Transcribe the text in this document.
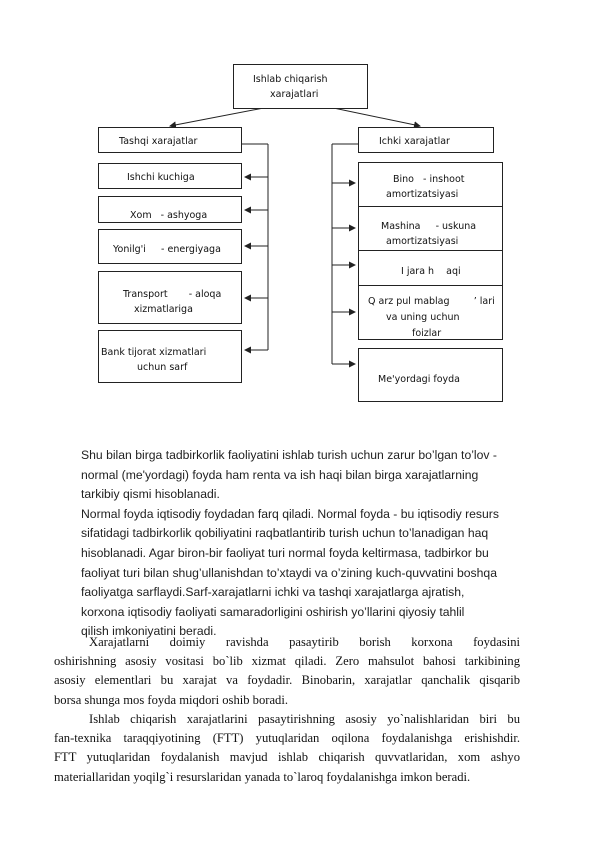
Ishlab chiqarish
xarajatlari
Tashqi xarajatlar	Ichki xarajatlar
Ishchi kuchiga
Xom   - ashyoga
Yonilg'i     - energiyaga
Transport       - aloqa
xizmatlariga
Bank tijorat xizmatlari
uchun sarf
Bino   - inshoot
amortizatsiyasi
Mashina     - uskuna
amortizatsiyasi
I jara h    aqi
Q arz pul mablag        ’ lari
va uning uchun
foizlar
Me'yordagi foyda
Shu bilan birga tadbirkorlik faoliyatini ishlab turish uchun zarur bo’lgan to’lov -
normal (me'yordagi) foyda ham renta va ish haqi bilan birga xarajatlarning
tarkibiy qismi hisoblanadi.
Normal foyda iqtisodiy foydadan farq qiladi. Normal foyda - bu iqtisodiy resurs
sifatidagi tadbirkorlik qobiliyatini raqbatlantirib turish uchun to’lanadigan haq
hisoblanadi. Agar biron-bir faoliyat turi normal foyda keltirmasa, tadbirkor bu
faoliyat turi bilan shug’ullanishdan to’xtaydi va o’zining kuch-quvvatini boshqa
faoliyatga sarflaydi.Sarf-xarajatlarni ichki va tashqi xarajatlarga ajratish,
korxona iqtisodiy faoliyati samaradorligini oshirish yo’llarini qiyosiy tahlil
qilish imkoniyatini beradi.
Xarajatlarni doimiy ravishda pasaytirib borish korxona foydasini
oshirishning asosiy vositasi bo`lib xizmat qiladi. Zero mahsulot bahosi tarkibining
asosiy elementlari bu xarajat va foydadir. Binobarin, xarajatlar qanchalik qisqarib
borsa shunga mos foyda miqdori oshib boradi.
Ishlab chiqarish xarajatlarini pasaytirishning asosiy yo`nalishlaridan biri bu
fan-texnika taraqqiyotining (FTT) yutuqlaridan oqilona foydalanishga erishishdir.
FTT yutuqlaridan foydalanish mavjud ishlab chiqarish quvvatlaridan, xom ashyo
materiallaridan yoqilg`i resurslaridan yanada to`laroq foydalanishga imkon beradi.
